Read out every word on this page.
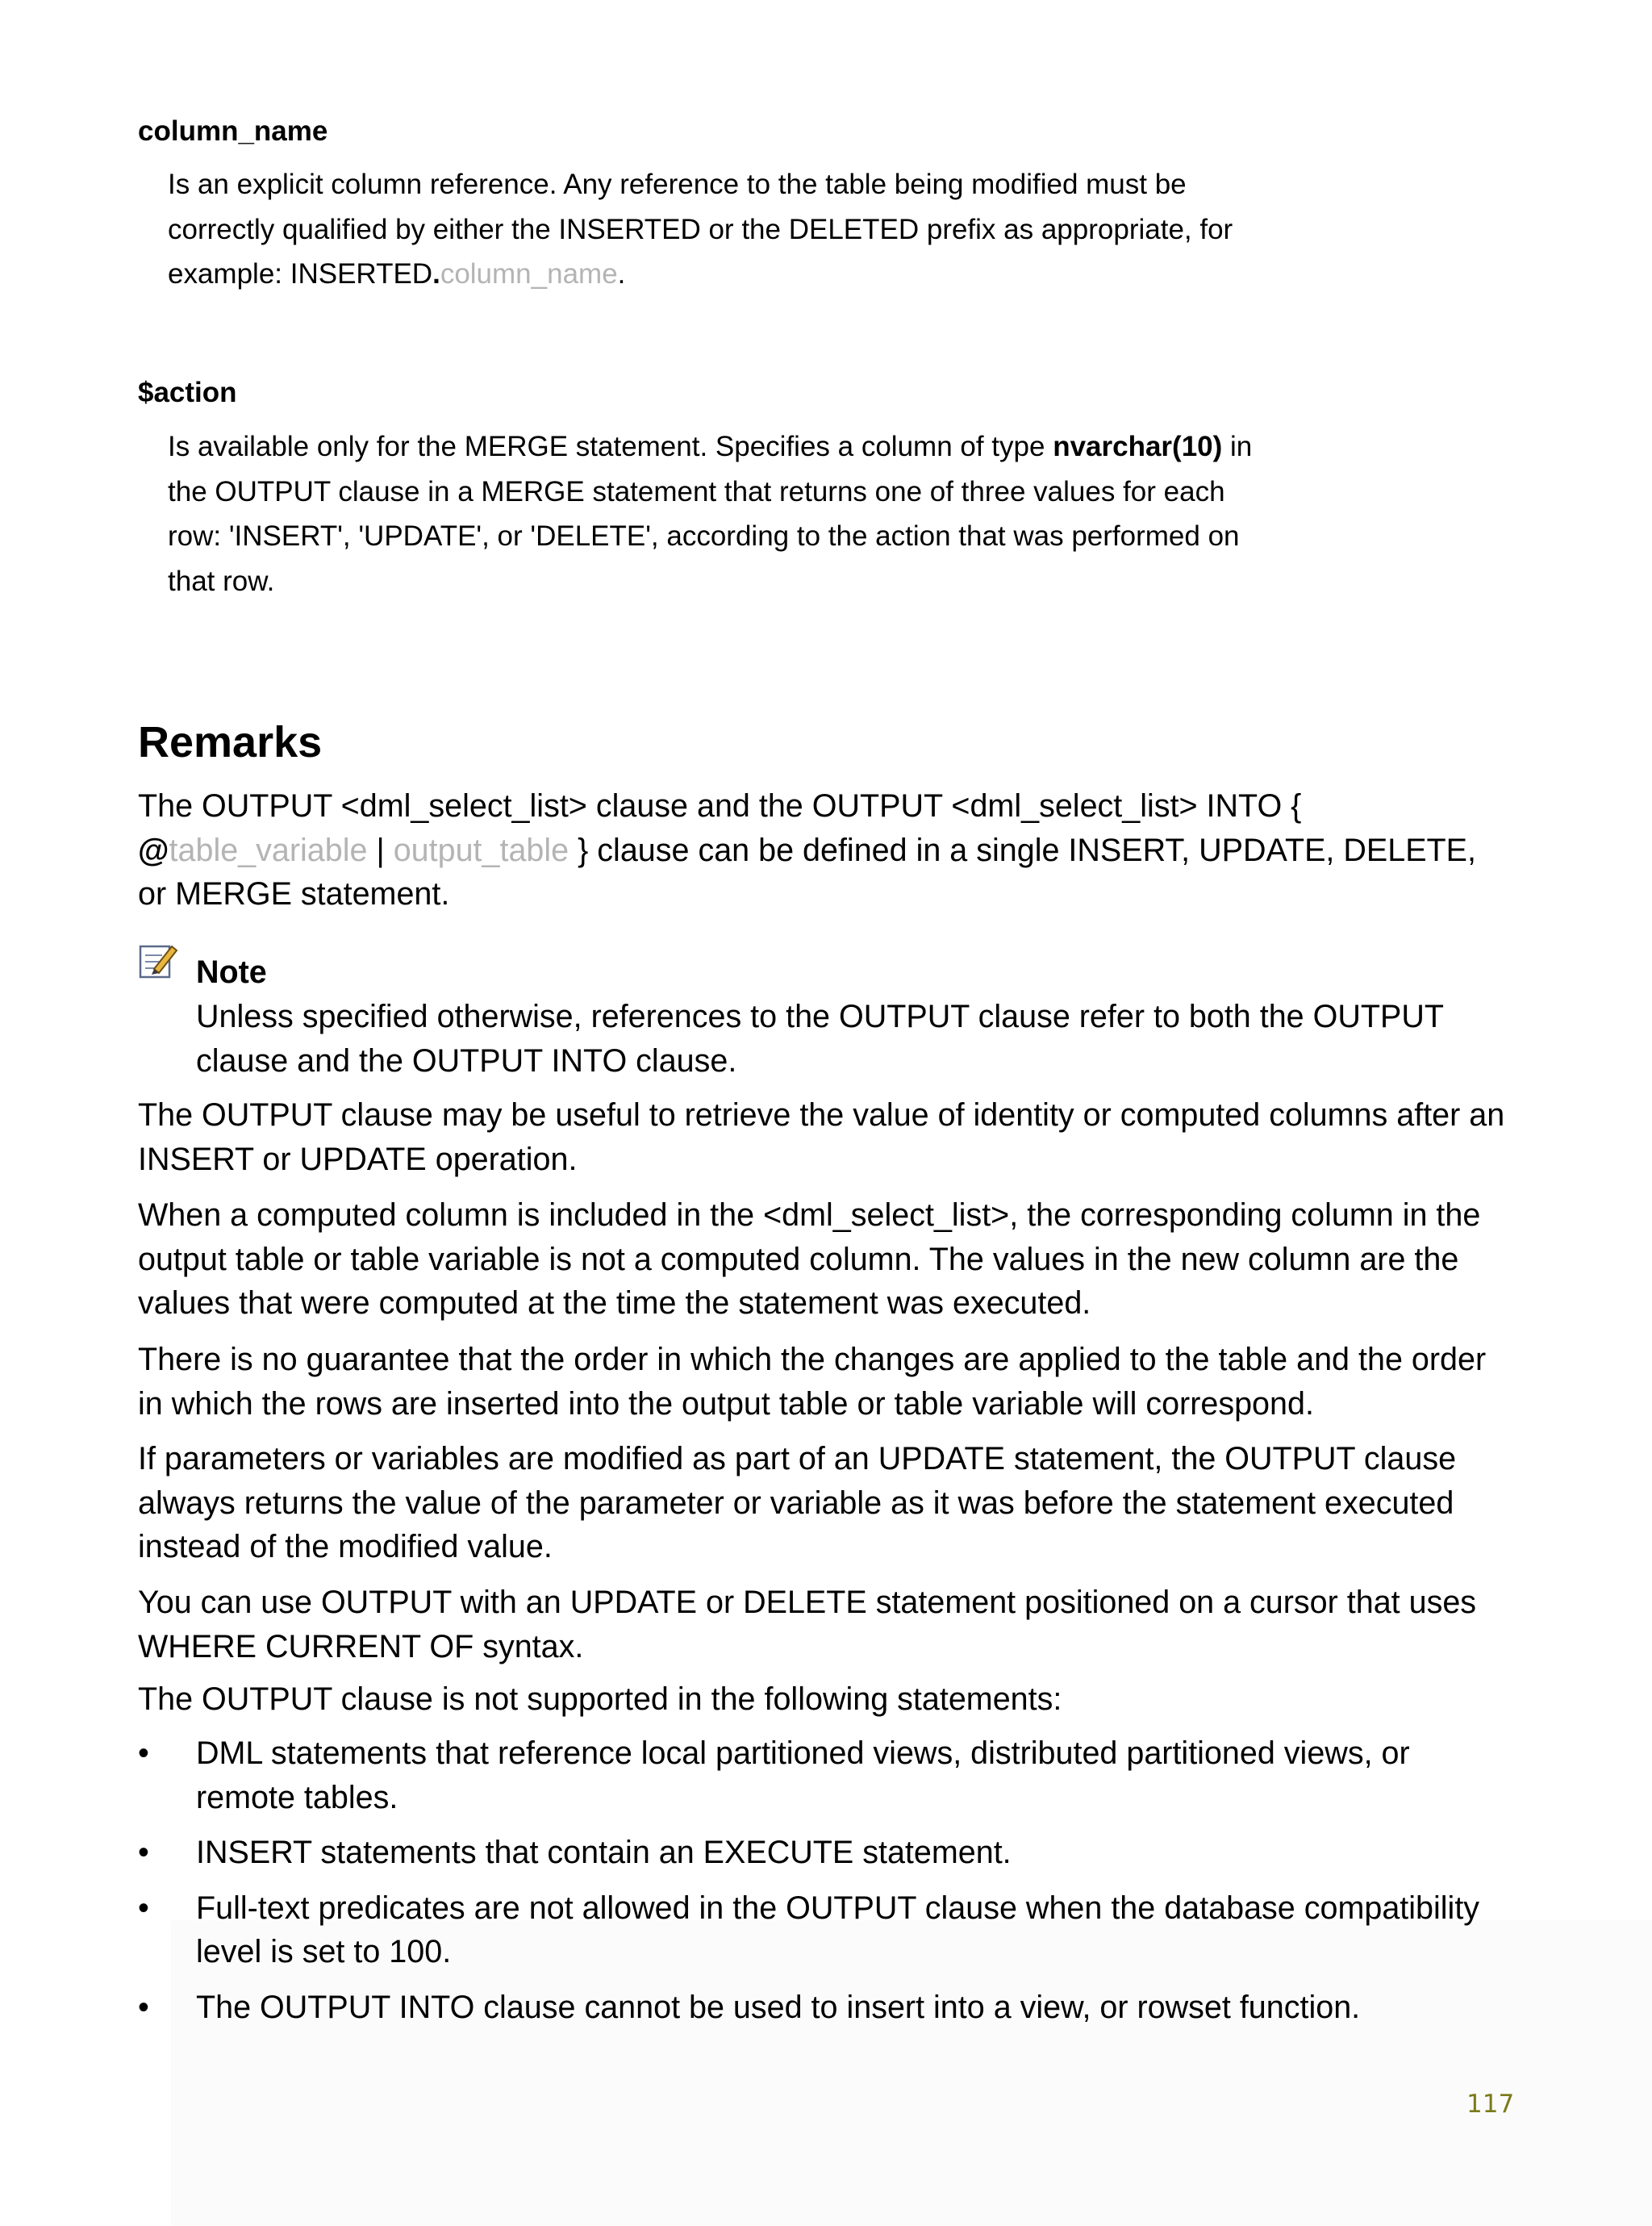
column_name

Is an explicit column reference. Any reference to the table being modified must be
correctly qualified by either the INSERTED or the DELETED prefix as appropriate, for
example: INSERTED.column_name.

$action

Is available only for the MERGE statement. Specifies a column of type nvarchar(10) in
the OUTPUT clause in a MERGE statement that returns one of three values for each
row: 'INSERT', 'UPDATE', or 'DELETE', according to the action that was performed on
that row.

Remarks

The OUTPUT <dml_select_list> clause and the OUTPUT <dml_select_list> INTO {
@table_variable | output_table } clause can be defined in a single INSERT, UPDATE, DELETE,
or MERGE statement.

Note

Unless specified otherwise, references to the OUTPUT clause refer to both the OUTPUT
clause and the OUTPUT INTO clause.

The OUTPUT clause may be useful to retrieve the value of identity or computed columns after an
INSERT or UPDATE operation.

When a computed column is included in the <dml_select_list>, the corresponding column in the
output table or table variable is not a computed column. The values in the new column are the
values that were computed at the time the statement was executed.

There is no guarantee that the order in which the changes are applied to the table and the order
in which the rows are inserted into the output table or table variable will correspond.

If parameters or variables are modified as part of an UPDATE statement, the OUTPUT clause
always returns the value of the parameter or variable as it was before the statement executed
instead of the modified value.

You can use OUTPUT with an UPDATE or DELETE statement positioned on a cursor that uses
WHERE CURRENT OF syntax.

The OUTPUT clause is not supported in the following statements:

• DML statements that reference local partitioned views, distributed partitioned views, or
remote tables.
• INSERT statements that contain an EXECUTE statement.
• Full-text predicates are not allowed in the OUTPUT clause when the database compatibility
level is set to 100.
• The OUTPUT INTO clause cannot be used to insert into a view, or rowset function.
117
